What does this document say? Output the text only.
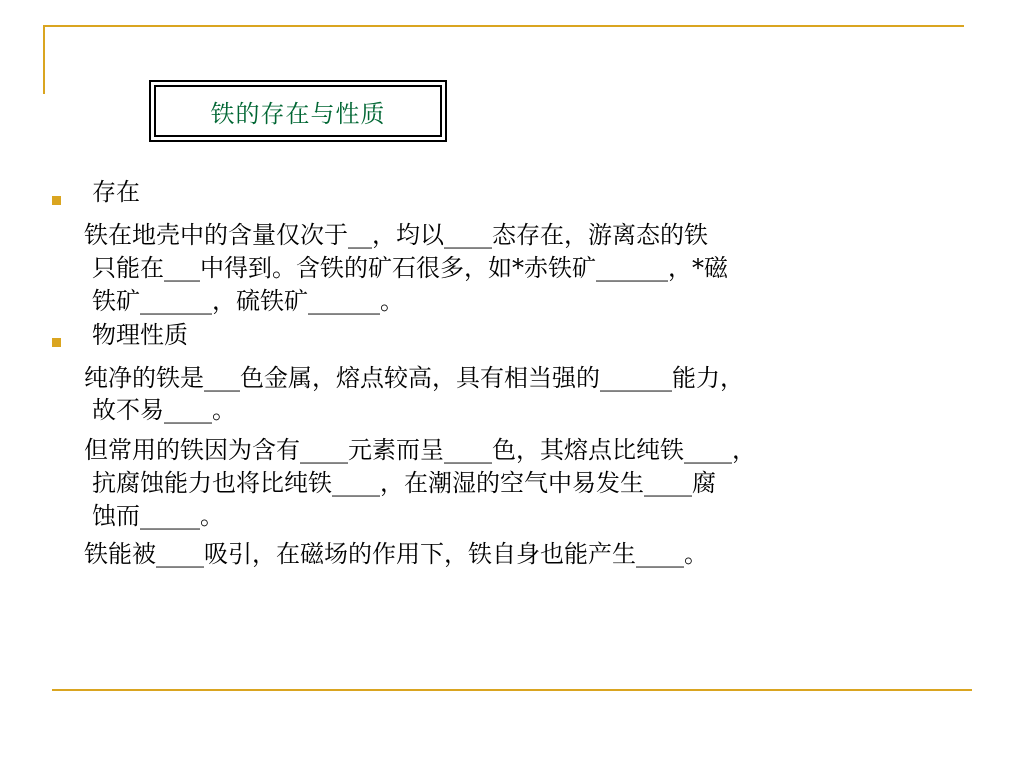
铁的存在与性质
存在
铁在地壳中的含量仅次于__，均以____态存在，游离态的铁
只能在___中得到。含铁的矿石很多，如*赤铁矿______，*磁
铁矿______，硫铁矿______。
物理性质
纯净的铁是___色金属，熔点较高，具有相当强的______能力，
故不易____。
但常用的铁因为含有____元素而呈____色，其熔点比纯铁____，
抗腐蚀能力也将比纯铁____，在潮湿的空气中易发生____腐
蚀而_____。
铁能被____吸引，在磁场的作用下，铁自身也能产生____。
